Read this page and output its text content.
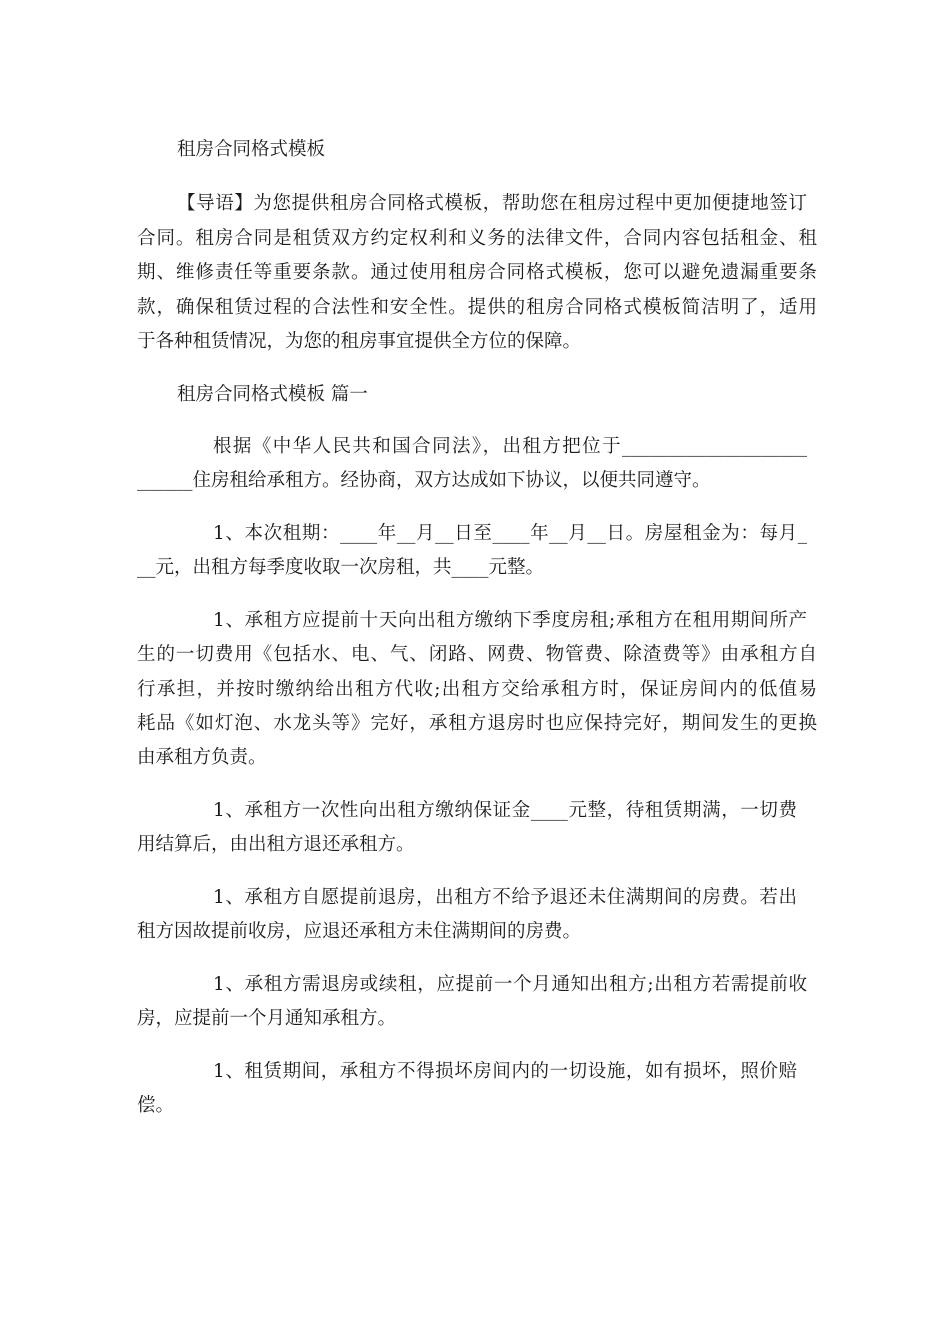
租房合同格式模板

【导语】为您提供租房合同格式模板，帮助您在租房过程中更加便捷地签订

合同。租房合同是租赁双方约定权利和义务的法律文件，合同内容包括租金、租

期、维修责任等重要条款。通过使用租房合同格式模板，您可以避免遗漏重要条

款，确保租赁过程的合法性和安全性。提供的租房合同格式模板简洁明了，适用

于各种租赁情况，为您的租房事宜提供全方位的保障。

租房合同格式模板 篇一

根据《中华人民共和国合同法》，出租方把位于____________________

______住房租给承租方。经协商，双方达成如下协议，以便共同遵守。

1、本次租期：____年__月__日至____年__月__日。房屋租金为：每月_

__元，出租方每季度收取一次房租，共____元整。

1、承租方应提前十天向出租方缴纳下季度房租;承租方在租用期间所产

生的一切费用《包括水、电、气、闭路、网费、物管费、除渣费等》由承租方自

行承担，并按时缴纳给出租方代收;出租方交给承租方时，保证房间内的低值易

耗品《如灯泡、水龙头等》完好，承租方退房时也应保持完好，期间发生的更换

由承租方负责。

1、承租方一次性向出租方缴纳保证金____元整，待租赁期满，一切费

用结算后，由出租方退还承租方。

1、承租方自愿提前退房，出租方不给予退还未住满期间的房费。若出

租方因故提前收房，应退还承租方未住满期间的房费。

1、承租方需退房或续租，应提前一个月通知出租方;出租方若需提前收

房，应提前一个月通知承租方。

1、租赁期间，承租方不得损坏房间内的一切设施，如有损坏，照价赔

偿。
